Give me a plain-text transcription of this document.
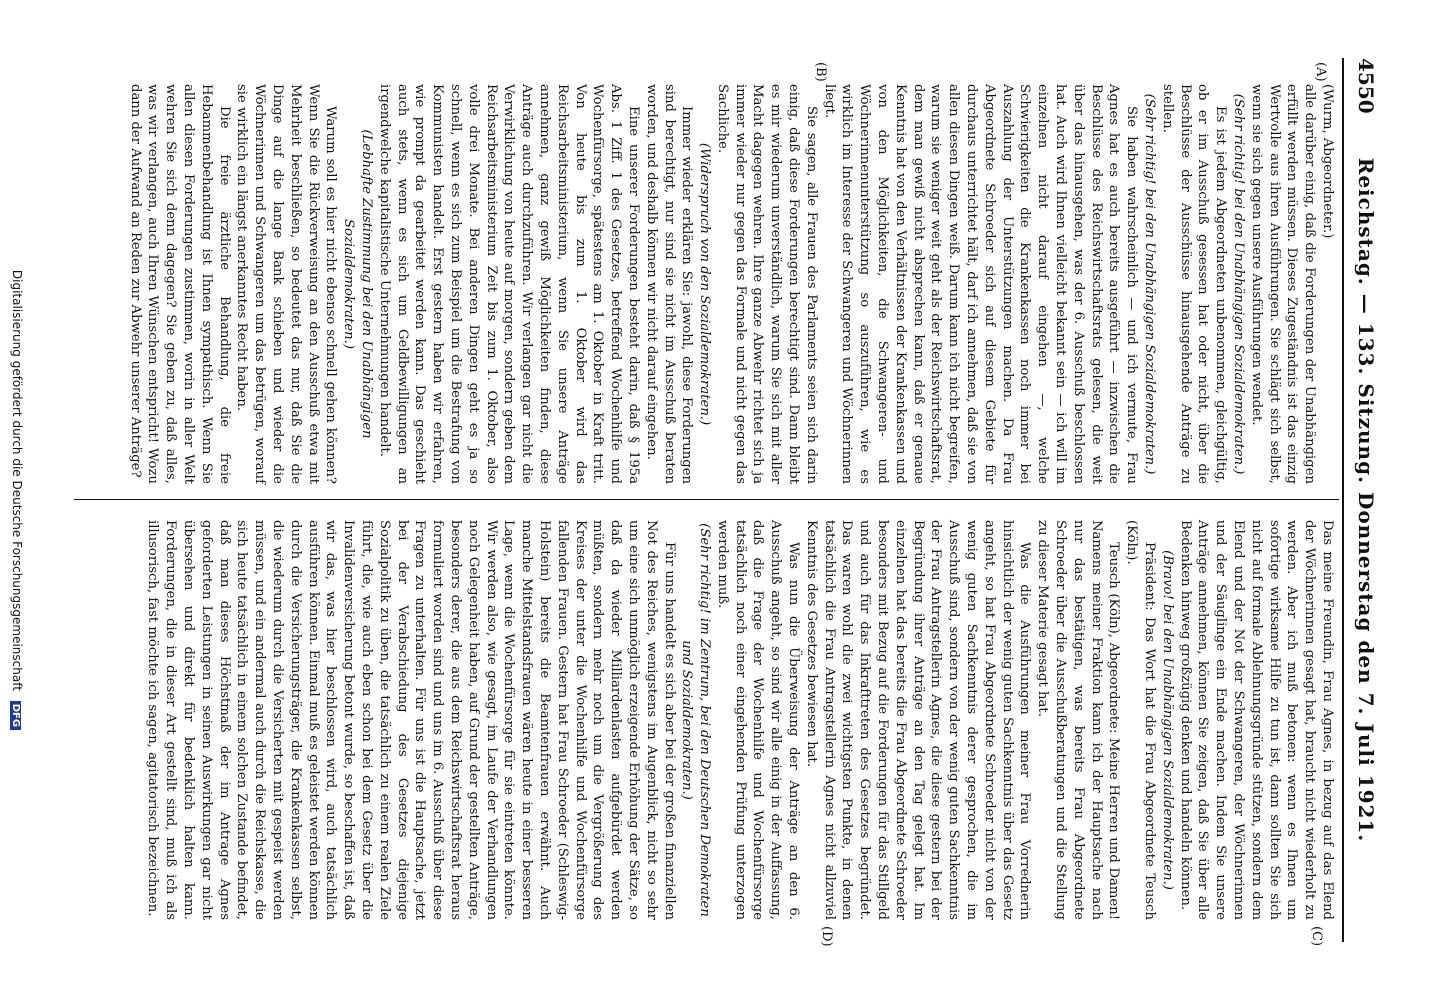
4550
Reichstag. — 133. Sitzung. Donnerstag den 7. Juli 1921.
(A)
(B)
(C)
(D)

(Wurm, Abgeordneter.)

alle darüber einig, daß die Forderungen der Unabhängigen erfüllt werden müssen. Dieses Zugeständnis ist das einzig Wertvolle aus ihren Ausführungen. Sie schlägt sich selbst, wenn sie sich gegen unsere Ausführungen wendet.

(Sehr richtig! bei den Unabhängigen Sozialdemokraten.)

Es ist jedem Abgeordneten unbenommen, gleichgültig, ob er im Ausschuß gesessen hat oder nicht, über die Beschlüsse der Ausschüsse hinausgehende Anträge zu stellen.

(Sehr richtig! bei den Unabhängigen Sozialdemokraten.)

Sie haben wahrscheinlich — und ich vermute, Frau Agnes hat es auch bereits ausgeführt — inzwischen die Beschlüsse des Reichswirtschaftsrats gelesen, die weit über das hinausgehen, was der 6. Ausschuß beschlossen hat. Auch wird Ihnen vielleicht bekannt sein — ich will im einzelnen nicht darauf eingehen —, welche Schwierigkeiten die Krankenkassen noch immer bei Auszahlung der Unterstützungen machen. Da Frau Abgeordnete Schroeder sich auf diesem Gebiete für durchaus unterrichtet hält, darf ich annehmen, daß sie von allen diesen Dingen weiß. Darum kann ich nicht begreifen, warum sie weniger weit geht als der Reichswirtschaftsrat, dem man gewiß nicht absprechen kann, daß er genaue Kenntnis hat von den Verhältnissen der Krankenkassen und von den Möglichkeiten, die Schwangeren- und Wöchnerinnenunterstützung so auszuführen, wie es wirklich im Interesse der Schwangeren und Wöchnerinnen liegt.

Sie sagen, alle Frauen des Parlaments seien sich darin einig, daß diese Forderungen berechtigt sind. Dann bleibt es mir wiederum unverständlich, warum Sie sich mit aller Macht dagegen wehren. Ihre ganze Abwehr richtet sich ja immer wieder nur gegen das Formale und nicht gegen das Sachliche.

(Widerspruch von den Sozialdemokraten.)

Immer wieder erklären Sie: jawohl, diese Forderungen sind berechtigt, nur sind sie nicht im Ausschuß beraten worden, und deshalb können wir nicht darauf eingehen.

Eine unserer Forderungen besteht darin, daß § 195a Abs. 1 Ziff. 1 des Gesetzes, betreffend Wochenhilfe und Wochenfürsorge, spätestens am 1. Oktober in Kraft tritt. Von heute bis zum 1. Oktober wird das Reichsarbeitsministerium, wenn Sie unsere Anträge annehmen, ganz gewiß Möglichkeiten finden, diese Anträge auch durchzuführen. Wir verlangen gar nicht die Verwirklichung von heute auf morgen, sondern geben dem Reichsarbeitsministerium Zeit bis zum 1. Oktober, also volle drei Monate. Bei anderen Dingen geht es ja so schnell, wenn es sich zum Beispiel um die Bestrafung von Kommunisten handelt. Erst gestern haben wir erfahren, wie prompt da gearbeitet werden kann. Das geschieht auch stets, wenn es sich um Geldbewilligungen an irgendwelche kapitalistische Unternehmungen handelt.

(Lebhafte Zustimmung bei den Unabhängigen Sozialdemokraten.)

Warum soll es hier nicht ebenso schnell gehen können? Wenn Sie die Rückverweisung an den Ausschuß etwa mit Mehrheit beschließen, so bedeutet das nur, daß Sie die Dinge auf die lange Bank schieben und wieder die Wöchnerinnen und Schwangeren um das betrügen, worauf sie wirklich ein längst anerkanntes Recht haben.

Die freie ärztliche Behandlung, die freie Hebammenbehandlung ist Ihnen sympathisch. Wenn Sie allen diesen Forderungen zustimmen, worin in aller Welt wehren Sie sich denn dagegen? Sie geben zu, daß alles, was wir verlangen, auch Ihren Wünschen entspricht! Wozu dann der Aufwand an Reden zur Abwehr unserer Anträge?

Das meine Freundin, Frau Agnes, in bezug auf das Elend der Wöchnerinnen gesagt hat, braucht nicht wiederholt zu werden. Aber ich muß betonen: wenn es Ihnen um sofortige wirksame Hilfe zu tun ist, dann sollten Sie sich nicht auf formale Ablehnungsgründe stützen, sondern dem Elend und der Not der Schwangeren, der Wöchnerinnen und der Säuglinge ein Ende machen. Indem Sie unsere Anträge annehmen, können Sie zeigen, daß Sie über alle Bedenken hinweg großzügig denken und handeln können.

(Bravo! bei den Unabhängigen Sozialdemokraten.)

Präsident: Das Wort hat die Frau Abgeordnete Teusch (Köln).

Teusch (Köln), Abgeordnete: Meine Herren und Damen! Namens meiner Fraktion kann ich der Hauptsache nach nur das bestätigen, was bereits Frau Abgeordnete Schroeder über die Ausschußberatungen und die Stellung zu dieser Materie gesagt hat.

Was die Ausführungen meiner Frau Vorrednerin hinsichtlich der wenig guten Sachkenntnis über das Gesetz angeht, so hat Frau Abgeordnete Schroeder nicht von der wenig guten Sachkenntnis derer gesprochen, die im Ausschuß sind, sondern von der wenig guten Sachkenntnis der Frau Antragstellerin Agnes, die diese gestern bei der Begründung ihrer Anträge an den Tag gelegt hat. Im einzelnen hat das bereits die Frau Abgeordnete Schroeder besonders mit Bezug auf die Forderungen für das Stillgeld und auch für das Inkrafttreten des Gesetzes begründet. Das waren wohl die zwei wichtigsten Punkte, in denen tatsächlich die Frau Antragstellerin Agnes nicht allzuviel Kenntnis des Gesetzes bewiesen hat.

Was nun die Überweisung der Anträge an den 6. Ausschuß angeht, so sind wir alle einig in der Auffassung, daß die Frage der Wochenhilfe und Wochenfürsorge tatsächlich noch einer eingehenden Prüfung unterzogen werden muß.

(Sehr richtig! im Zentrum, bei den Deutschen Demokraten und Sozialdemokraten.)

Für uns handelt es sich aber bei der großen finanziellen Not des Reiches, wenigstens im Augenblick, nicht so sehr um eine sich unmöglich erzeigende Erhöhung der Sätze, so daß da wieder Milliardenlasten aufgebürdet werden müßten, sondern mehr noch um die Vergrößerung des Kreises der unter die Wochenhilfe und Wochenfürsorge fallenden Frauen. Gestern hat Frau Schroeder (Schleswig-Holstein) bereits die Beamtenfrauen erwähnt. Auch manche Mittelstandsfrauen wären heute in einer besseren Lage, wenn die Wochenfürsorge für sie eintreten könnte. Wir werden also, wie gesagt, im Laufe der Verhandlungen noch Gelegenheit haben, auf Grund der gestellten Anträge, besonders derer, die aus dem Reichswirtschaftsrat heraus formuliert worden sind und uns im 6. Ausschuß über diese Fragen zu unterhalten. Für uns ist die Hauptsache, jetzt bei der Verabschiedung des Gesetzes diejenige Sozialpolitik zu üben, die tatsächlich zu einem realen Ziele führt, die, wie auch eben schon bei dem Gesetz über die Invalidenversicherung betont wurde, so beschaffen ist, daß wir das, was hier beschlossen wird, auch tatsächlich ausführen können. Einmal muß es geleistet werden können durch die Versicherungsträger, die Krankenkassen selbst, die wiederum durch die Versicherten mit gespeist werden müssen, und ein andermal auch durch die Reichskasse, die sich heute tatsächlich in einem solchen Zustande befindet, daß man dieses Höchstmaß der im Antrage Agnes geforderten Leistungen in seinen Auswirkungen gar nicht übersehen und direkt für bedenklich halten kann. Forderungen, die in dieser Art gestellt sind, muß ich als illusorisch, fast möchte ich sagen, agitatorisch bezeichnen.

Digitalisierung gefördert durch die Deutsche Forschungsgemeinschaft DFG
